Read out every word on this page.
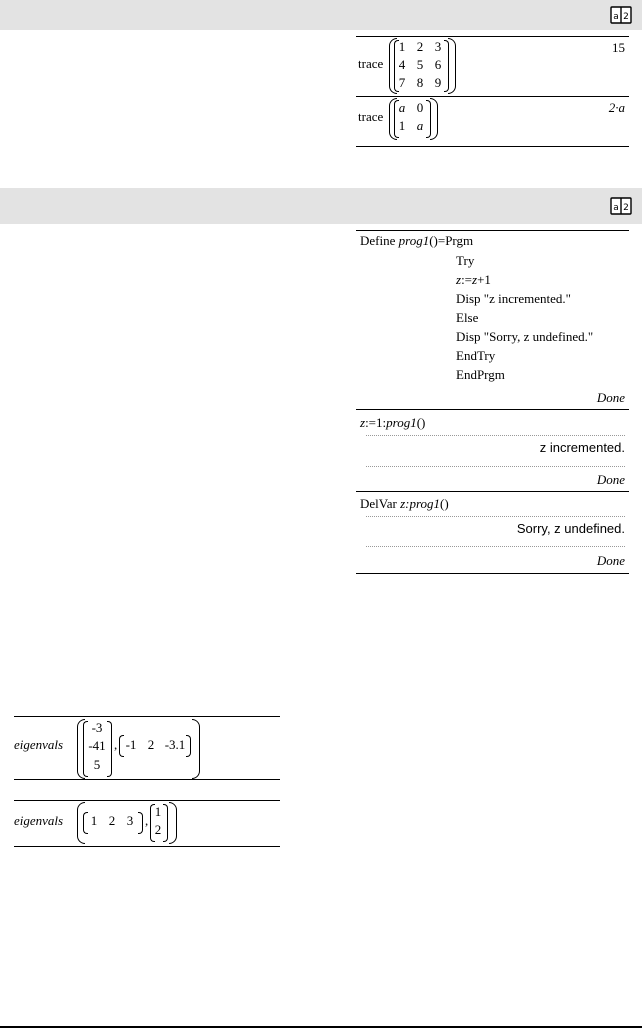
a 2
trace
1 2 3
4 5 6
7 8 9
15
trace
a 0
1 a
2·a
a 2
Define prog1()=Prgm
Try
z:=z+1
Disp "z incremented."
Else
Disp "Sorry, z undefined."
EndTry
EndPrgm
Done
z:=1:prog1()
z incremented.
Done
DelVar z:prog1()
Sorry, z undefined.
Done
eigenvals
-3
-41
5
, -1 2 -3.1
eigenvals	1 2 3 ,
1
2
